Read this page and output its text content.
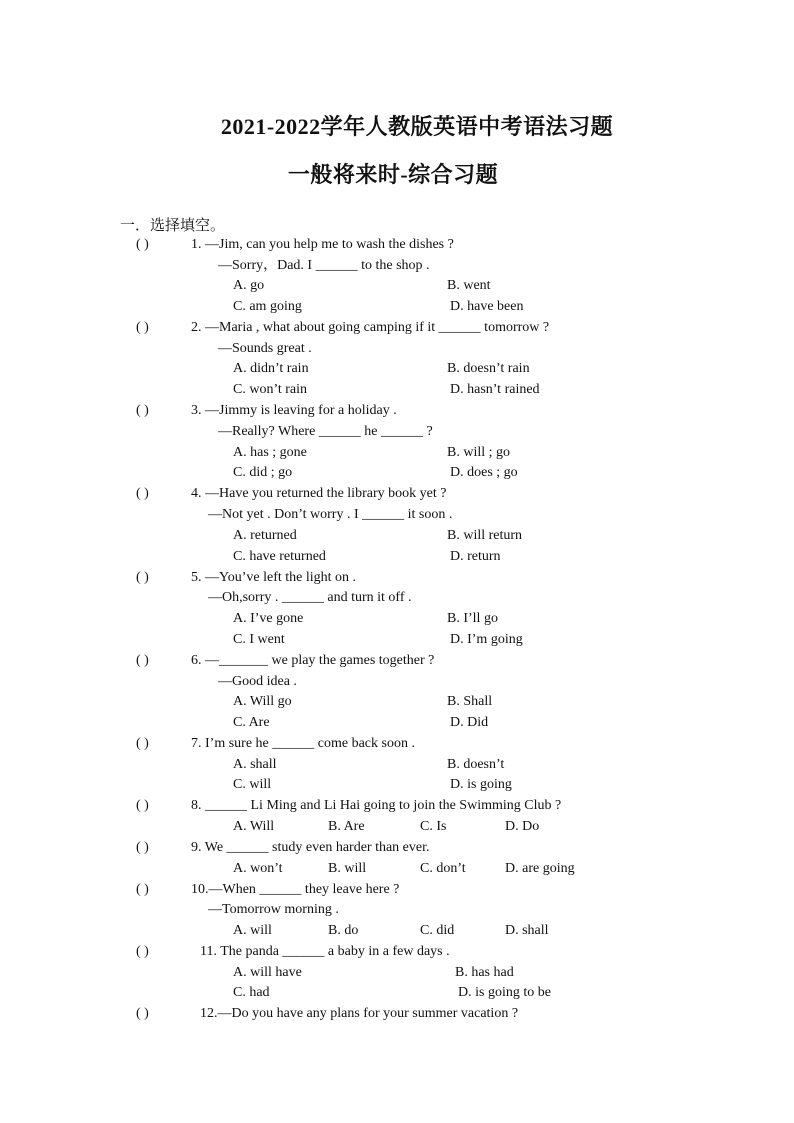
2021-2022学年人教版英语中考语法习题
一般将来时-综合习题
一．选择填空。
( )	1. —Jim, can you help me to wash the dishes ?
—Sorry，Dad. I ______ to the shop .
A. go	B. went
C. am going	D. have been
( )	2. —Maria , what about going camping if it ______ tomorrow ?
—Sounds great .
A. didn’t rain	B. doesn’t rain
C. won’t rain	D. hasn’t rained
( )	3. —Jimmy is leaving for a holiday .
—Really? Where ______ he ______ ?
A. has ; gone	B. will ; go
C. did ; go	D. does ; go
( )	4. —Have you returned the library book yet ?
—Not yet . Don’t worry . I ______ it soon .
A. returned	B. will return
C. have returned	D. return
( )	5. —You’ve left the light on .
—Oh,sorry . ______ and turn it off .
A. I’ve gone	B. I’ll go
C. I went	D. I’m going
( )	6. —_______ we play the games together ?
—Good idea .
A. Will go	B. Shall
C. Are	D. Did
( )	7. I’m sure he ______ come back soon .
A. shall	B. doesn’t
C. will	D. is going
( )	8. ______ Li Ming and Li Hai going to join the Swimming Club ?
A. Will	B. Are	C. Is	D. Do
( )	9. We ______ study even harder than ever.
A. won’t	B. will	C. don’t	D. are going
( )	10.—When ______ they leave here ?
—Tomorrow morning .
A. will	B. do	C. did	D. shall
( )	11. The panda ______ a baby in a few days .
A. will have	B. has had
C. had	D. is going to be
( )	12.—Do you have any plans for your summer vacation ?
